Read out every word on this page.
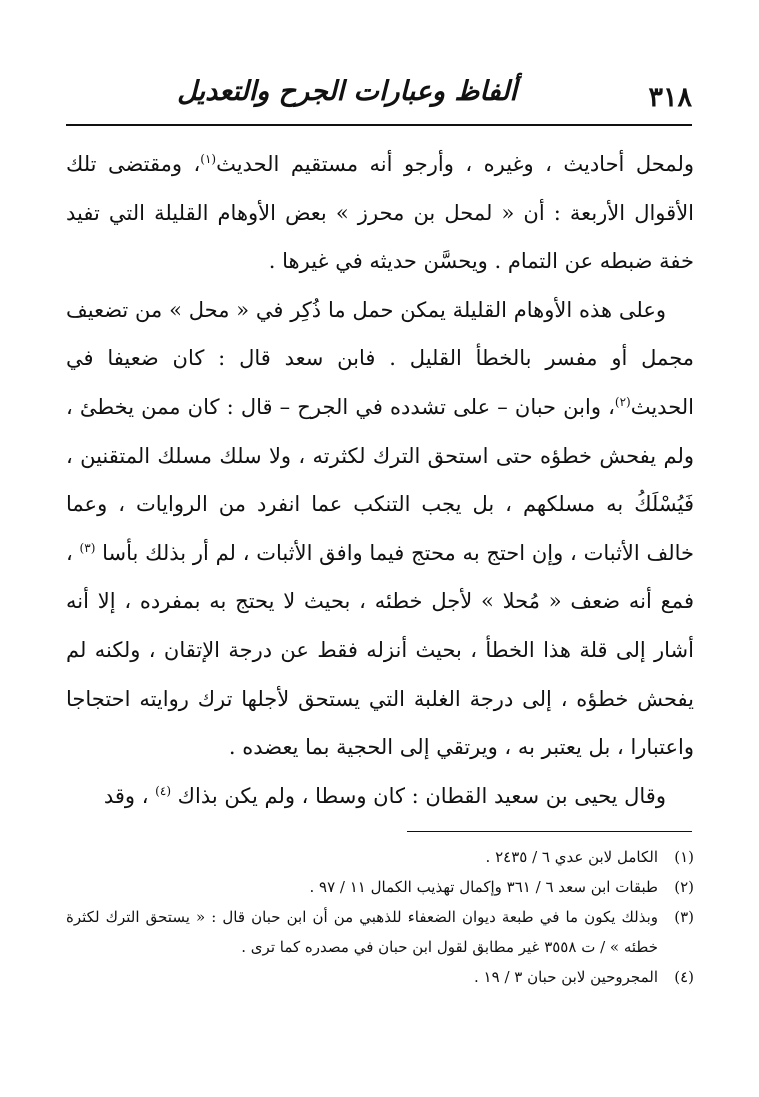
٣١٨
ألفاظ وعبارات الجرح والتعديل

ولمحل أحاديث ، وغيره ، وأرجو أنه مستقيم الحديث$^{(١)}$، ومقتضى تلك الأقوال الأربعة : أن « لمحل بن محرز » بعض الأوهام القليلة التي تفيد خفة ضبطه عن التمام . ويحسَّن حديثه في غيرها .

وعلى هذه الأوهام القليلة يمكن حمل ما ذُكِر في « محل » من تضعيف مجمل أو مفسر بالخطأ القليل . فابن سعد قال : كان ضعيفا في الحديث$^{(٢)}$، وابن حبان – على تشدده في الجرح – قال : كان ممن يخطئ ، ولم يفحش خطؤه حتى استحق الترك لكثرته ، ولا سلك مسلك المتقنين ، فَيُسْلَكُ به مسلكهم ، بل يجب التنكب عما انفرد من الروايات ، وعما خالف الأثبات ، وإن احتج به محتج فيما وافق الأثبات ، لم أر بذلك بأسا $^{(٣)}$ ، فمع أنه ضعف « مُحلا » لأجل خطئه ، بحيث لا يحتج به بمفرده ، إلا أنه أشار إلى قلة هذا الخطأ ، بحيث أنزله فقط عن درجة الإتقان ، ولكنه لم يفحش خطؤه ، إلى درجة الغلبة التي يستحق لأجلها ترك روايته احتجاجا واعتبارا ، بل يعتبر به ، ويرتقي إلى الحجية بما يعضده .

وقال يحيى بن سعيد القطان : كان وسطا ، ولم يكن بذاك $^{(٤)}$ ، وقد

(١)الكامل لابن عدي ٦ / ٢٤٣٥ .

(٢)طبقات ابن سعد ٦ / ٣٦١ وإكمال تهذيب الكمال ١١ / ٩٧ .

(٣)وبذلك يكون ما في طبعة ديوان الضعفاء للذهبي من أن ابن حبان قال : « يستحق الترك لكثرة خطئه » / ت ٣٥٥٨ غير مطابق لقول ابن حبان في مصدره كما ترى .

(٤)المجروحين لابن حبان ٣ / ١٩ .
